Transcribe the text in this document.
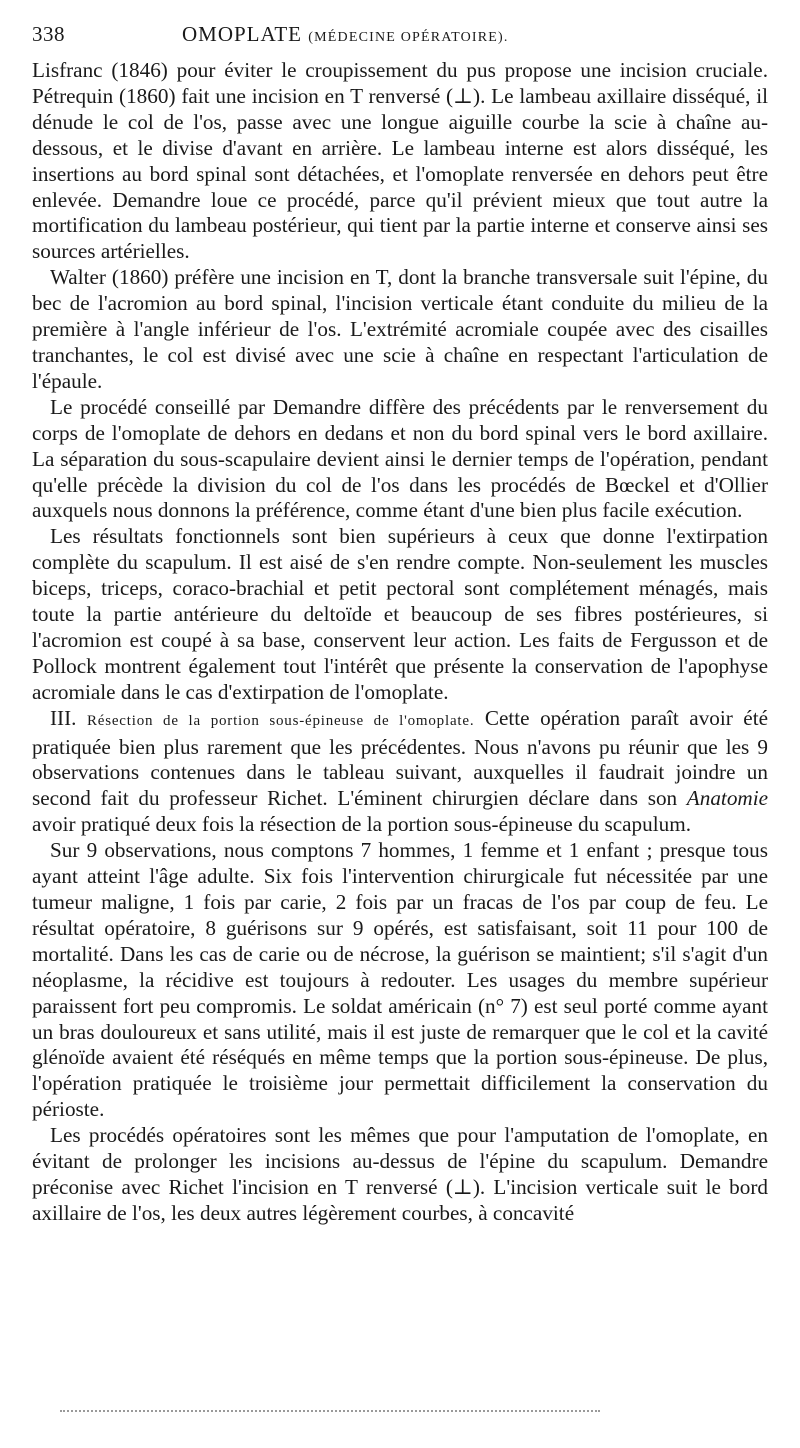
338	OMOPLATE (MÉDECINE OPÉRATOIRE).

Lisfranc (1846) pour éviter le croupissement du pus propose une incision cruciale. Pétrequin (1860) fait une incision en T renversé (⊥). Le lambeau axillaire disséqué, il dénude le col de l'os, passe avec une longue aiguille courbe la scie à chaîne au-dessous, et le divise d'avant en arrière. Le lambeau interne est alors disséqué, les insertions au bord spinal sont détachées, et l'omoplate renversée en dehors peut être enlevée. Demandre loue ce procédé, parce qu'il prévient mieux que tout autre la mortification du lambeau postérieur, qui tient par la partie interne et conserve ainsi ses sources artérielles.

Walter (1860) préfère une incision en T, dont la branche transversale suit l'épine, du bec de l'acromion au bord spinal, l'incision verticale étant conduite du milieu de la première à l'angle inférieur de l'os. L'extrémité acromiale coupée avec des cisailles tranchantes, le col est divisé avec une scie à chaîne en respectant l'articulation de l'épaule.

Le procédé conseillé par Demandre diffère des précédents par le renversement du corps de l'omoplate de dehors en dedans et non du bord spinal vers le bord axillaire. La séparation du sous-scapulaire devient ainsi le dernier temps de l'opération, pendant qu'elle précède la division du col de l'os dans les procédés de Bœckel et d'Ollier auxquels nous donnons la préférence, comme étant d'une bien plus facile exécution.

Les résultats fonctionnels sont bien supérieurs à ceux que donne l'extirpation complète du scapulum. Il est aisé de s'en rendre compte. Non-seulement les muscles biceps, triceps, coraco-brachial et petit pectoral sont complétement ménagés, mais toute la partie antérieure du deltoïde et beaucoup de ses fibres postérieures, si l'acromion est coupé à sa base, conservent leur action. Les faits de Fergusson et de Pollock montrent également tout l'intérêt que présente la conservation de l'apophyse acromiale dans le cas d'extirpation de l'omoplate.

III. Résection de la portion sous-épineuse de l'omoplate. Cette opération paraît avoir été pratiquée bien plus rarement que les précédentes. Nous n'avons pu réunir que les 9 observations contenues dans le tableau suivant, auxquelles il faudrait joindre un second fait du professeur Richet. L'éminent chirurgien déclare dans son Anatomie avoir pratiqué deux fois la résection de la portion sous-épineuse du scapulum.

Sur 9 observations, nous comptons 7 hommes, 1 femme et 1 enfant ; presque tous ayant atteint l'âge adulte. Six fois l'intervention chirurgicale fut nécessitée par une tumeur maligne, 1 fois par carie, 2 fois par un fracas de l'os par coup de feu. Le résultat opératoire, 8 guérisons sur 9 opérés, est satisfaisant, soit 11 pour 100 de mortalité. Dans les cas de carie ou de nécrose, la guérison se maintient; s'il s'agit d'un néoplasme, la récidive est toujours à redouter. Les usages du membre supérieur paraissent fort peu compromis. Le soldat américain (n° 7) est seul porté comme ayant un bras douloureux et sans utilité, mais il est juste de remarquer que le col et la cavité glénoïde avaient été réséqués en même temps que la portion sous-épineuse. De plus, l'opération pratiquée le troisième jour permettait difficilement la conservation du périoste.

Les procédés opératoires sont les mêmes que pour l'amputation de l'omoplate, en évitant de prolonger les incisions au-dessus de l'épine du scapulum. Demandre préconise avec Richet l'incision en T renversé (⊥). L'incision verticale suit le bord axillaire de l'os, les deux autres légèrement courbes, à concavité
